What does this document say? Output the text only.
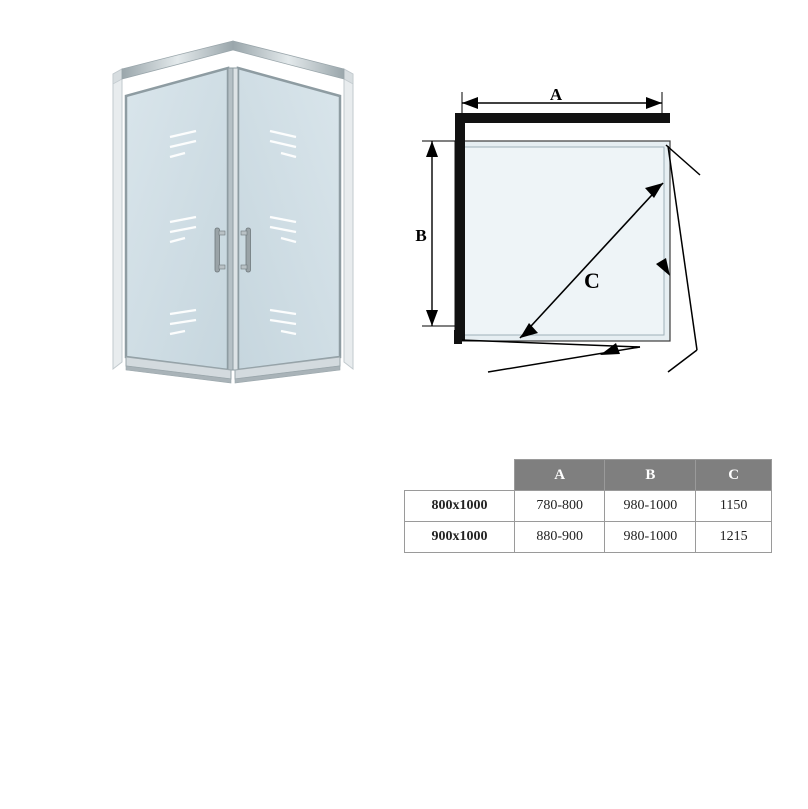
A
B
C
	A	B	C
800x1000	780-800	980-1000	1150
900x1000	880-900	980-1000	1215
